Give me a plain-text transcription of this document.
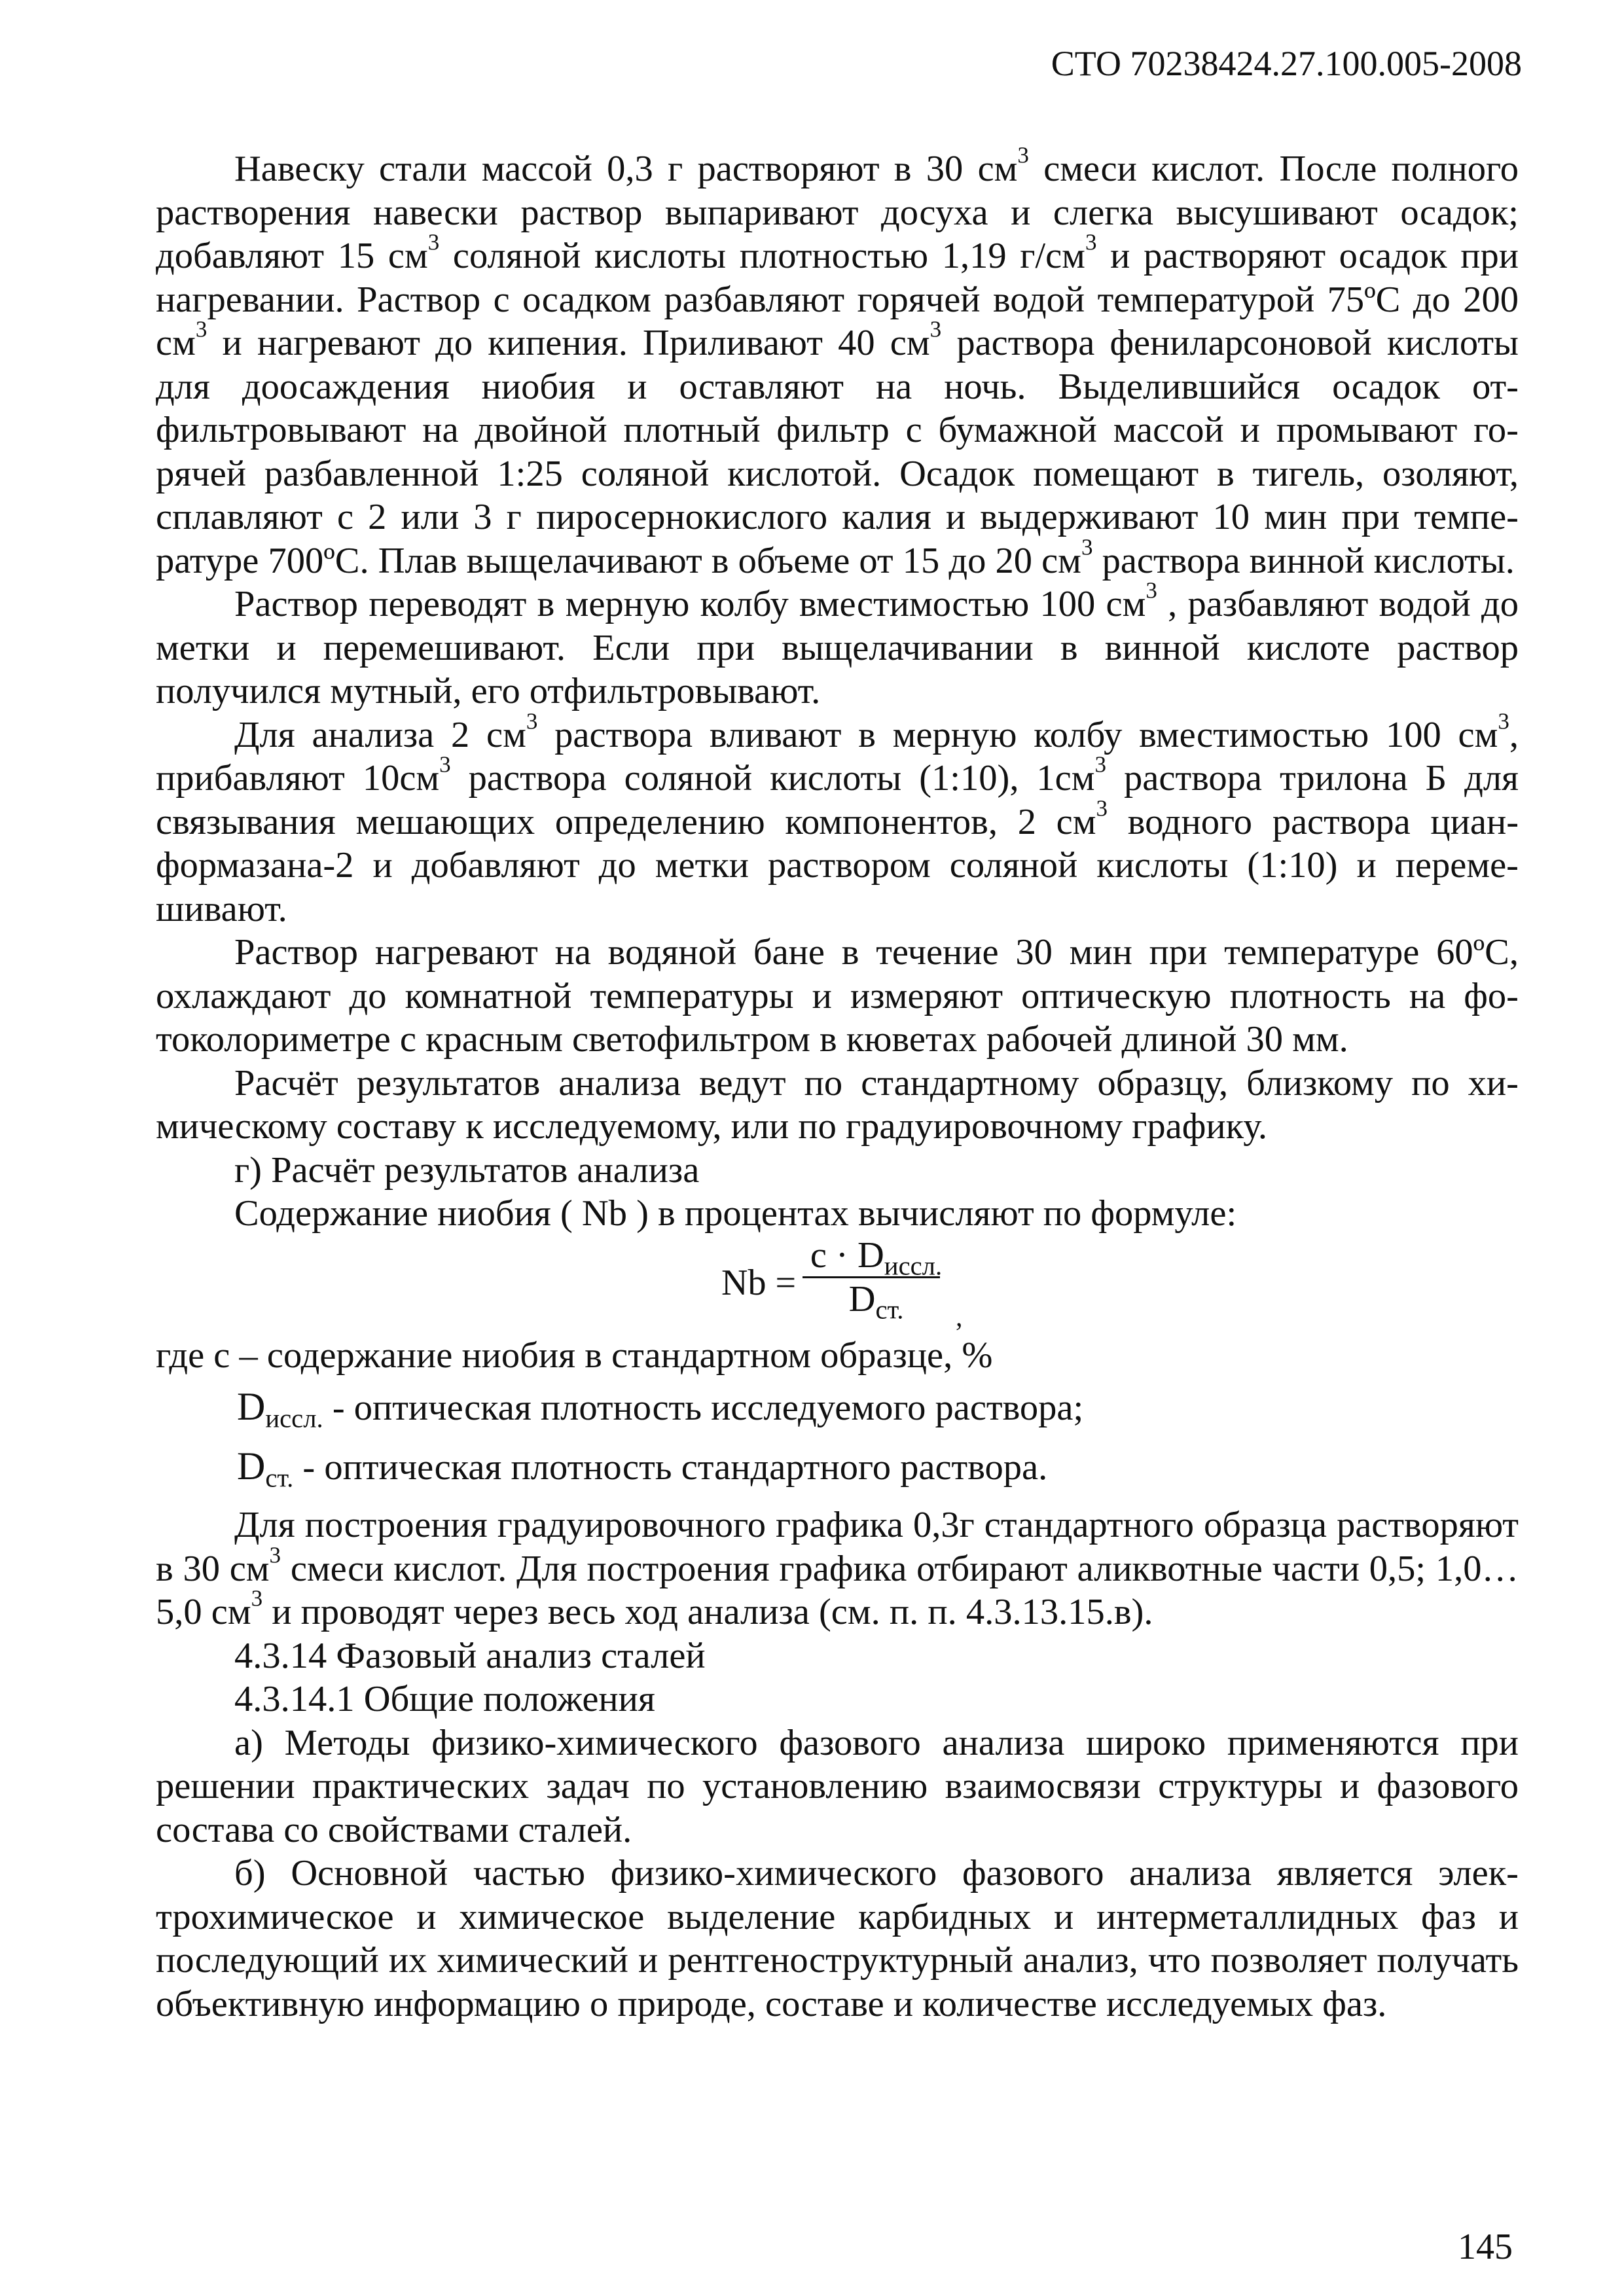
СТО 70238424.27.100.005-2008

Навеску стали массой 0,3 г растворяют в 30 $см^3$ смеси кислот. После полного растворения навески раствор выпаривают досуха и слегка высушивают осадок; добавляют 15 $см^3$ соляной кислоты плотностью 1,19 $г/см^3$ и растворяют осадок при нагревании. Раствор с осадком разбавляют горячей водой температурой 75ºС до 200 $см^3$ и нагревают до кипения. Приливают 40 $см^3$ раствора фениларсоновой кислоты для доосаждения ниобия и оставляют на ночь. Выделившийся осадок отфильтровывают на двойной плотный фильтр с бумажной массой и промывают горячей разбавленной 1:25 соляной кислотой. Осадок помещают в тигель, озоляют, сплавляют с 2 или 3 г пиросернокислого калия и выдерживают 10 мин при температуре 700ºС. Плав выщелачивают в объеме от 15 до 20 $см^3$ раствора винной кислоты.

Раствор переводят в мерную колбу вместимостью 100 $см^3$ , разбавляют водой до метки и перемешивают. Если при выщелачивании в винной кислоте раствор получился мутный, его отфильтровывают.

Для анализа 2 $см^3$ раствора вливают в мерную колбу вместимостью 100 $см^3$, прибавляют $10см^3$ раствора соляной кислоты (1:10), $1см^3$ раствора трилона Б для связывания мешающих определению компонентов, 2 $см^3$ водного раствора цианформазана-2 и добавляют до метки раствором соляной кислоты (1:10) и перемешивают.

Раствор нагревают на водяной бане в течение 30 мин при температуре 60ºС, охлаждают до комнатной температуры и измеряют оптическую плотность на фотоколориметре с красным светофильтром в кюветах рабочей длиной 30 мм.

Расчёт результатов анализа ведут по стандартному образцу, близкому по химическому составу к исследуемому, или по градуировочному графику.

г) Расчёт результатов анализа

Содержание ниобия ( Nb ) в процентах вычисляют по формуле:

Nb =
$c \cdot D_{иссл.}$
$D_{ст.}$	,

где с – содержание ниобия в стандартном образце, %

$D_{иссл.}$ - оптическая плотность исследуемого раствора;

$D_{ст.}$ - оптическая плотность стандартного раствора.

Для построения градуировочного графика 0,3г стандартного образца растворяют в 30 $см^3$ смеси кислот. Для построения графика отбирают аликвотные части 0,5; 1,0…5,0 $см^3$ и проводят через весь ход анализа (см. п. п. 4.3.13.15.в).

4.3.14 Фазовый анализ сталей

4.3.14.1 Общие положения

а) Методы физико-химического фазового анализа широко применяются при решении практических задач по установлению взаимосвязи структуры и фазового состава со свойствами сталей.

б) Основной частью физико-химического фазового анализа является электрохимическое и химическое выделение карбидных и интерметаллидных фаз и последующий их химический и рентгеноструктурный анализ, что позволяет получать объективную информацию о природе, составе и количестве исследуемых фаз.

145
